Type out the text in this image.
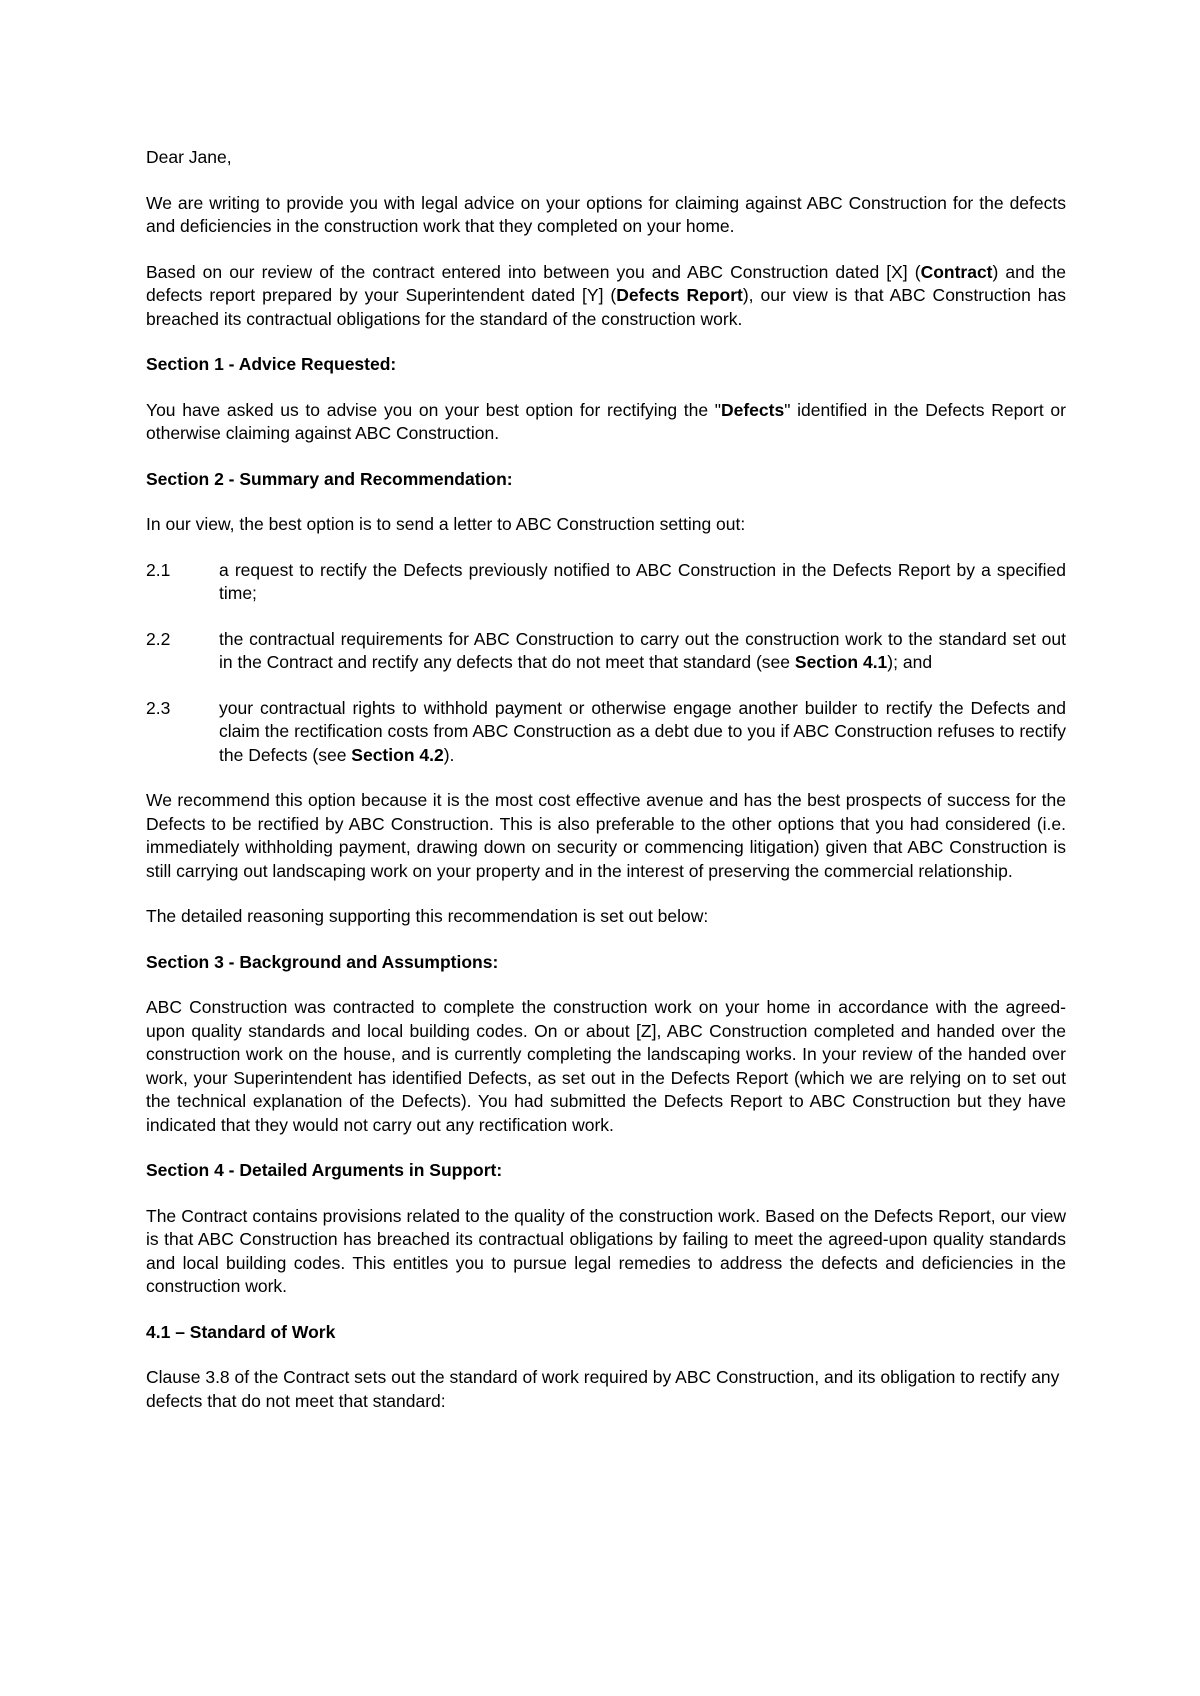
Dear Jane,

We are writing to provide you with legal advice on your options for claiming against ABC Construction for the defects and deficiencies in the construction work that they completed on your home.

Based on our review of the contract entered into between you and ABC Construction dated [X] (Contract) and the defects report prepared by your Superintendent dated [Y] (Defects Report), our view is that ABC Construction has breached its contractual obligations for the standard of the construction work.

Section 1 - Advice Requested:

You have asked us to advise you on your best option for rectifying the "Defects" identified in the Defects Report or otherwise claiming against ABC Construction.

Section 2 - Summary and Recommendation:

In our view, the best option is to send a letter to ABC Construction setting out:

2.1	a request to rectify the Defects previously notified to ABC Construction in the Defects Report by a specified time;
2.2	the contractual requirements for ABC Construction to carry out the construction work to the standard set out in the Contract and rectify any defects that do not meet that standard (see Section 4.1); and
2.3	your contractual rights to withhold payment or otherwise engage another builder to rectify the Defects and claim the rectification costs from ABC Construction as a debt due to you if ABC Construction refuses to rectify the Defects (see Section 4.2).

We recommend this option because it is the most cost effective avenue and has the best prospects of success for the Defects to be rectified by ABC Construction. This is also preferable to the other options that you had considered (i.e. immediately withholding payment, drawing down on security or commencing litigation) given that ABC Construction is still carrying out landscaping work on your property and in the interest of preserving the commercial relationship.

The detailed reasoning supporting this recommendation is set out below:

Section 3 - Background and Assumptions:

ABC Construction was contracted to complete the construction work on your home in accordance with the agreed-upon quality standards and local building codes. On or about [Z], ABC Construction completed and handed over the construction work on the house, and is currently completing the landscaping works. In your review of the handed over work, your Superintendent has identified Defects, as set out in the Defects Report (which we are relying on to set out the technical explanation of the Defects). You had submitted the Defects Report to ABC Construction but they have indicated that they would not carry out any rectification work.

Section 4 - Detailed Arguments in Support:

The Contract contains provisions related to the quality of the construction work. Based on the Defects Report, our view is that ABC Construction has breached its contractual obligations by failing to meet the agreed-upon quality standards and local building codes. This entitles you to pursue legal remedies to address the defects and deficiencies in the construction work.

4.1 – Standard of Work

Clause 3.8 of the Contract sets out the standard of work required by ABC Construction, and its obligation to rectify any defects that do not meet that standard:
